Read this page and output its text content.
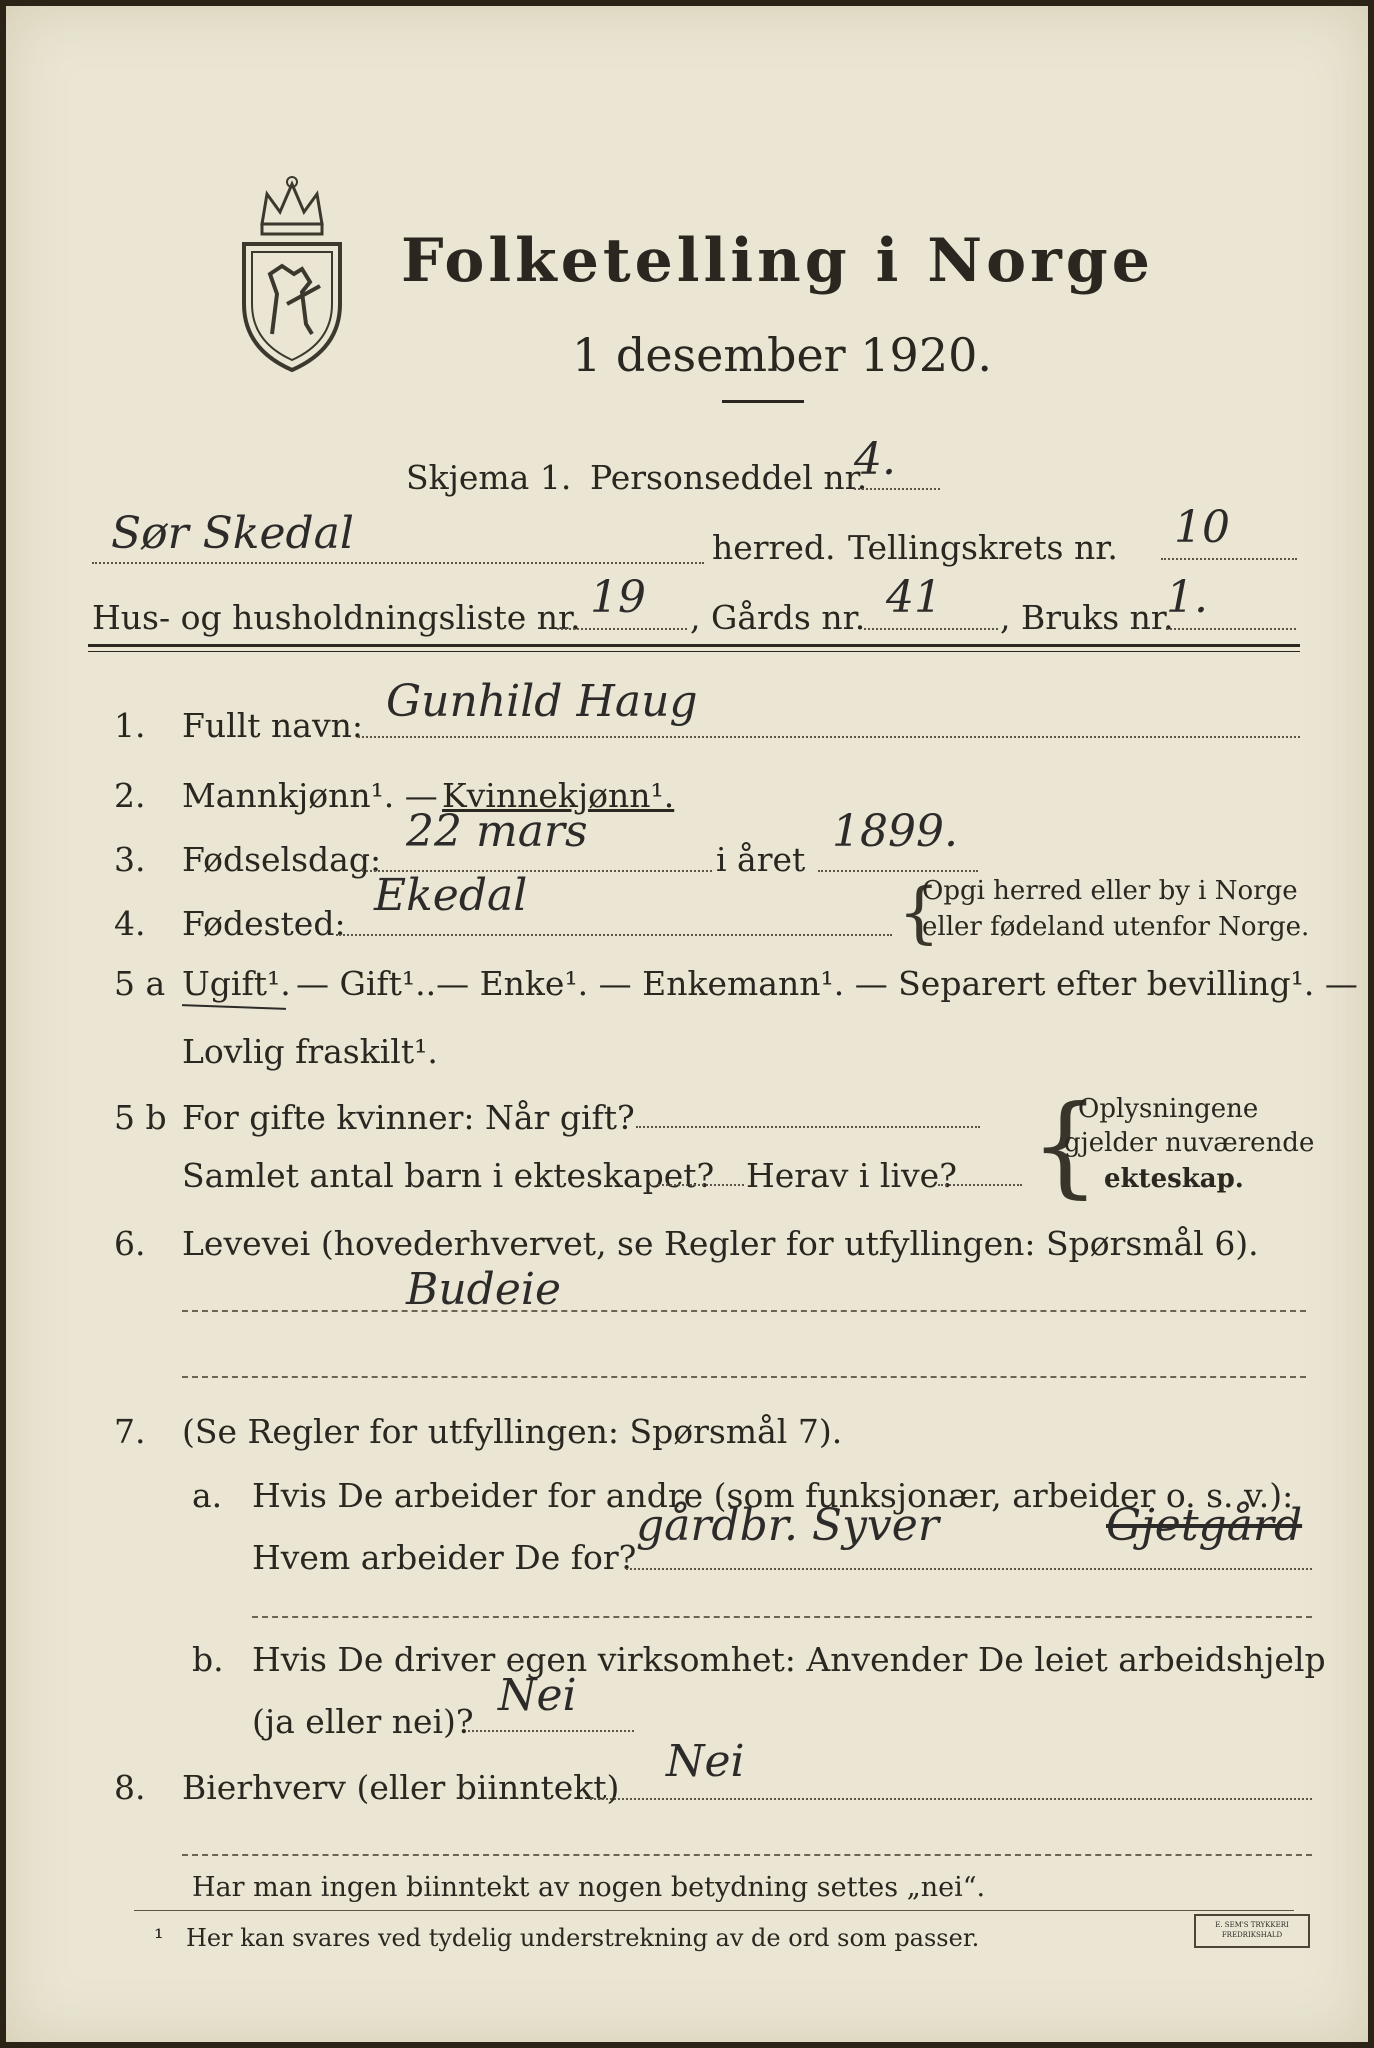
Folketelling i Norge
1 desember 1920.
Skjema 1. Personseddel nr.
4.
Sør Skedal	herred. Tellingskrets nr. 10
Hus- og husholdningsliste nr. 19 , Gårds nr. 41 , Bruks nr.
1.
1. Fullt navn: Gunhild Haug
2. Mannkjønn¹. — Kvinnekjønn¹.
3. Fødselsdag:
22 mars
i året
1899.
4. Fødested:
Ekedal	{
Opgi herred eller by i Norge
eller fødeland utenfor Norge.
5 a Ugift¹. — Gift¹..— Enke¹. — Enkemann¹. — Separert efter bevilling¹. —
Lovlig fraskilt¹.
5 b For gifte kvinner: Når gift?
Samlet antal barn i ekteskapet? Herav i live? {
Oplysningene
gjelder nuværende
ekteskap.
6. Levevei (hovederhvervet, se Regler for utfyllingen: Spørsmål 6).
Budeie
7. (Se Regler for utfyllingen: Spørsmål 7).
a. Hvis De arbeider for andre (som funksjonær, arbeider o. s. v.):
Hvem arbeider De for?
gårdbr. Syver	Gjetgård
b. Hvis De driver egen virksomhet: Anvender De leiet arbeidshjelp
(ja eller nei)?
Nei
8. Bierhverv (eller biinntekt)
Nei
Har man ingen biinntekt av nogen betydning settes „nei“.
¹ Her kan svares ved tydelig understrekning av de ord som passer.	E. SEM'S TRYKKERI FREDRIKSHALD
